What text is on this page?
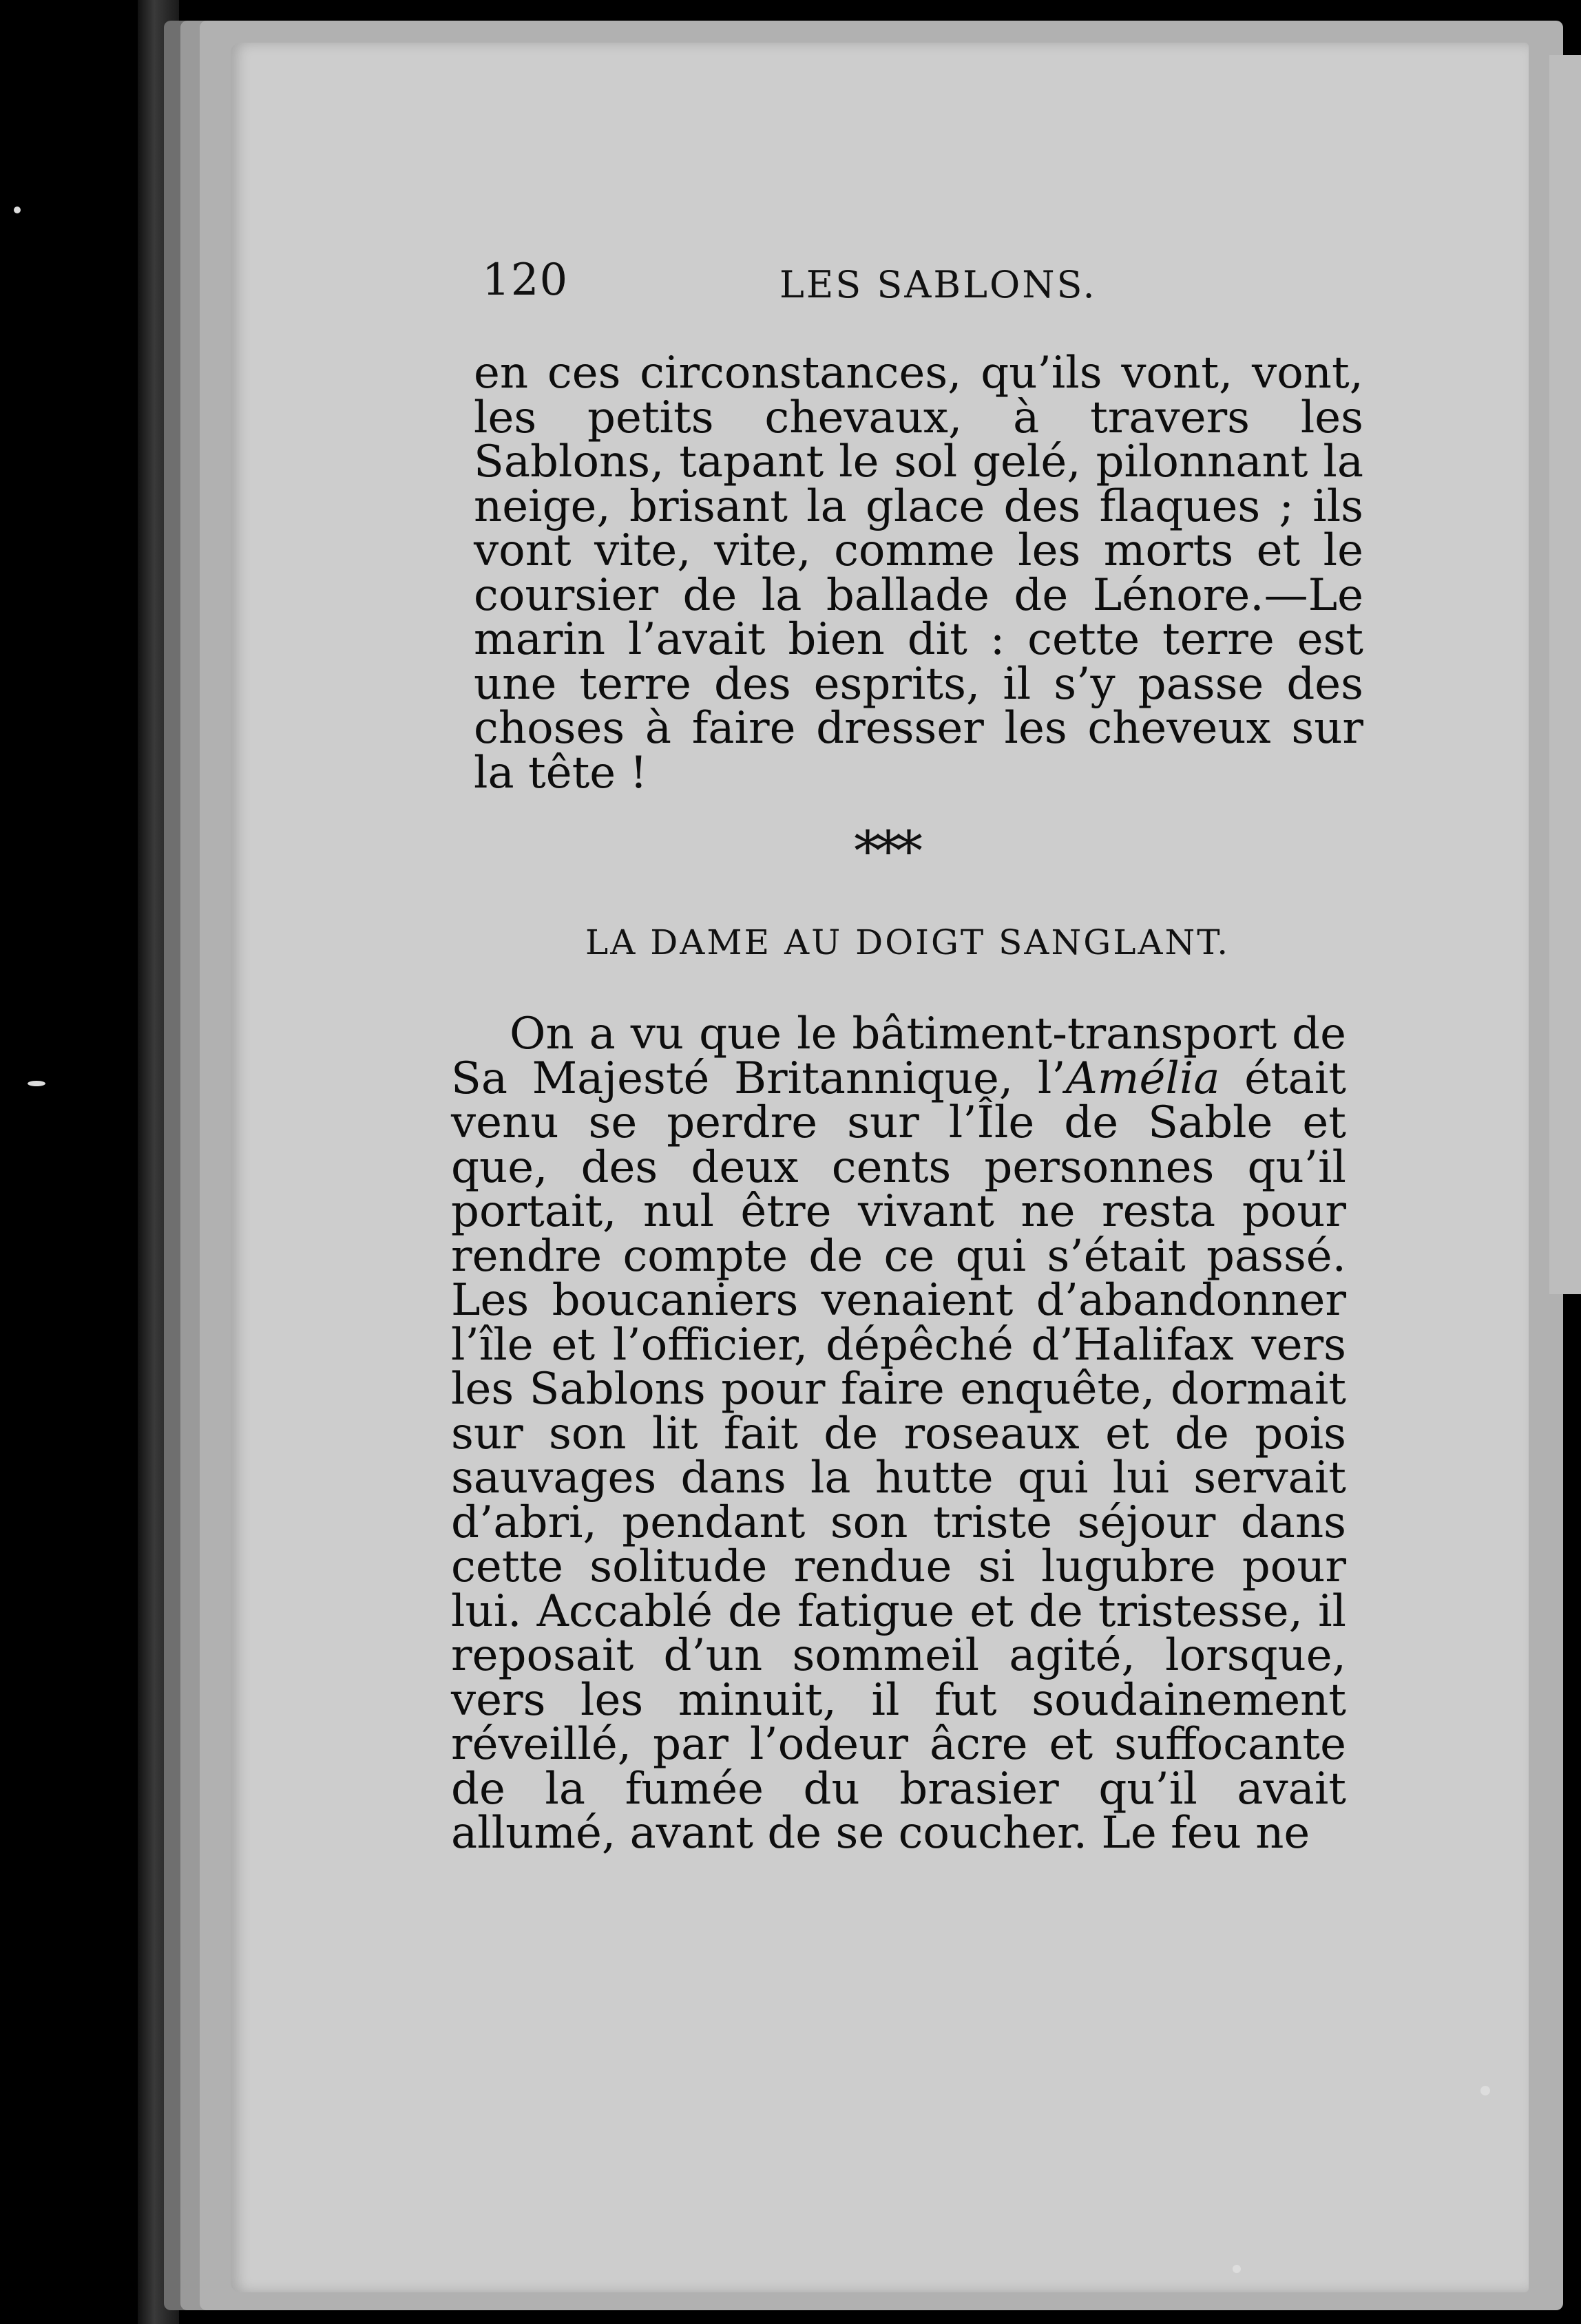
120	LES SABLONS.
en ces circonstances, qu’ils vont, vont, les petits chevaux, à travers les Sablons, tapant le sol gelé, pilonnant la neige, brisant la glace des flaques ; ils vont vite, vite, comme les morts et le coursier de la ballade de Lénore.—Le marin l’avait bien dit : cette terre est une terre des esprits, il s’y passe des choses à faire dresser les cheveux sur la tête !
***
LA DAME AU DOIGT SANGLANT.
On a vu que le bâtiment-transport de Sa Majesté Britannique, l’Amélia était venu se perdre sur l’Île de Sable et que, des deux cents personnes qu’il portait, nul être vivant ne resta pour rendre compte de ce qui s’était passé. Les boucaniers venaient d’abandonner l’île et l’officier, dépêché d’Halifax vers les Sablons pour faire enquête, dormait sur son lit fait de roseaux et de pois sauvages dans la hutte qui lui servait d’abri, pendant son triste séjour dans cette solitude rendue si lugubre pour lui. Accablé de fatigue et de tristesse, il reposait d’un sommeil agité, lorsque, vers les minuit, il fut soudainement réveillé, par l’odeur âcre et suffocante de la fumée du brasier qu’il avait allumé, avant de se coucher. Le feu ne
